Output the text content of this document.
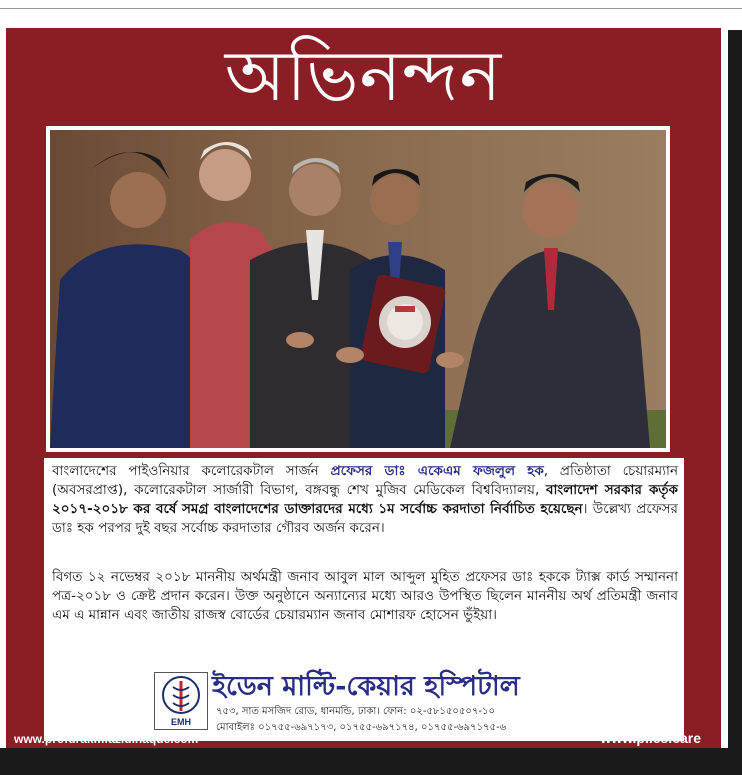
অভিনন্দন

বাংলাদেশের পাইওনিয়ার কলোরেকটাল সার্জন প্রফেসর ডাঃ একেএম ফজলুল হক, প্রতিষ্ঠাতা চেয়ারম্যান (অবসরপ্রাপ্ত), কলোরেকটাল সার্জারী বিভাগ, বঙ্গবন্ধু শেখ মুজিব মেডিকেল বিশ্ববিদ্যালয়, বাংলাদেশ সরকার কর্তৃক ২০১৭-২০১৮ কর বর্ষে সমগ্র বাংলাদেশের ডাক্তারদের মধ্যে ১ম সর্বোচ্চ করদাতা নির্বাচিত হয়েছেন। উল্লেখ্য প্রফেসর ডাঃ হক পরপর দুই বছর সর্বোচ্চ করদাতার গৌরব অর্জন করেন।

বিগত ১২ নভেম্বর ২০১৮ মাননীয় অর্থমন্ত্রী জনাব আবুল মাল আব্দুল মুহিত প্রফেসর ডাঃ হককে ট্যাক্স কার্ড সম্মাননা পত্র-২০১৮ ও ক্রেষ্ট প্রদান করেন। উক্ত অনুষ্ঠানে অন্যান্যের মধ্যে আরও উপস্থিত ছিলেন মাননীয় অর্থ প্রতিমন্ত্রী জনাব এম এ মান্নান এবং জাতীয় রাজস্ব বোর্ডের চেয়ারম্যান জনাব মোশারফ হোসেন ভুঁইয়া।

EMH
ইডেন মাল্টি-কেয়ার হস্পিটাল
৭৫৩, সাত মসজিদ রোড, ধানমন্ডি, ঢাকা। ফোন: ০২-৫৮১৫০৫০৭-১০
মোবাইলঃ ০১৭৫৫-৬৯৭১৭৩, ০১৭৫৫-৬৯৭১৭৪, ০১৭৫৫-৬৯৭১৭৫-৬
www.profdrakmfazlulhaque.com	www.piles.care
